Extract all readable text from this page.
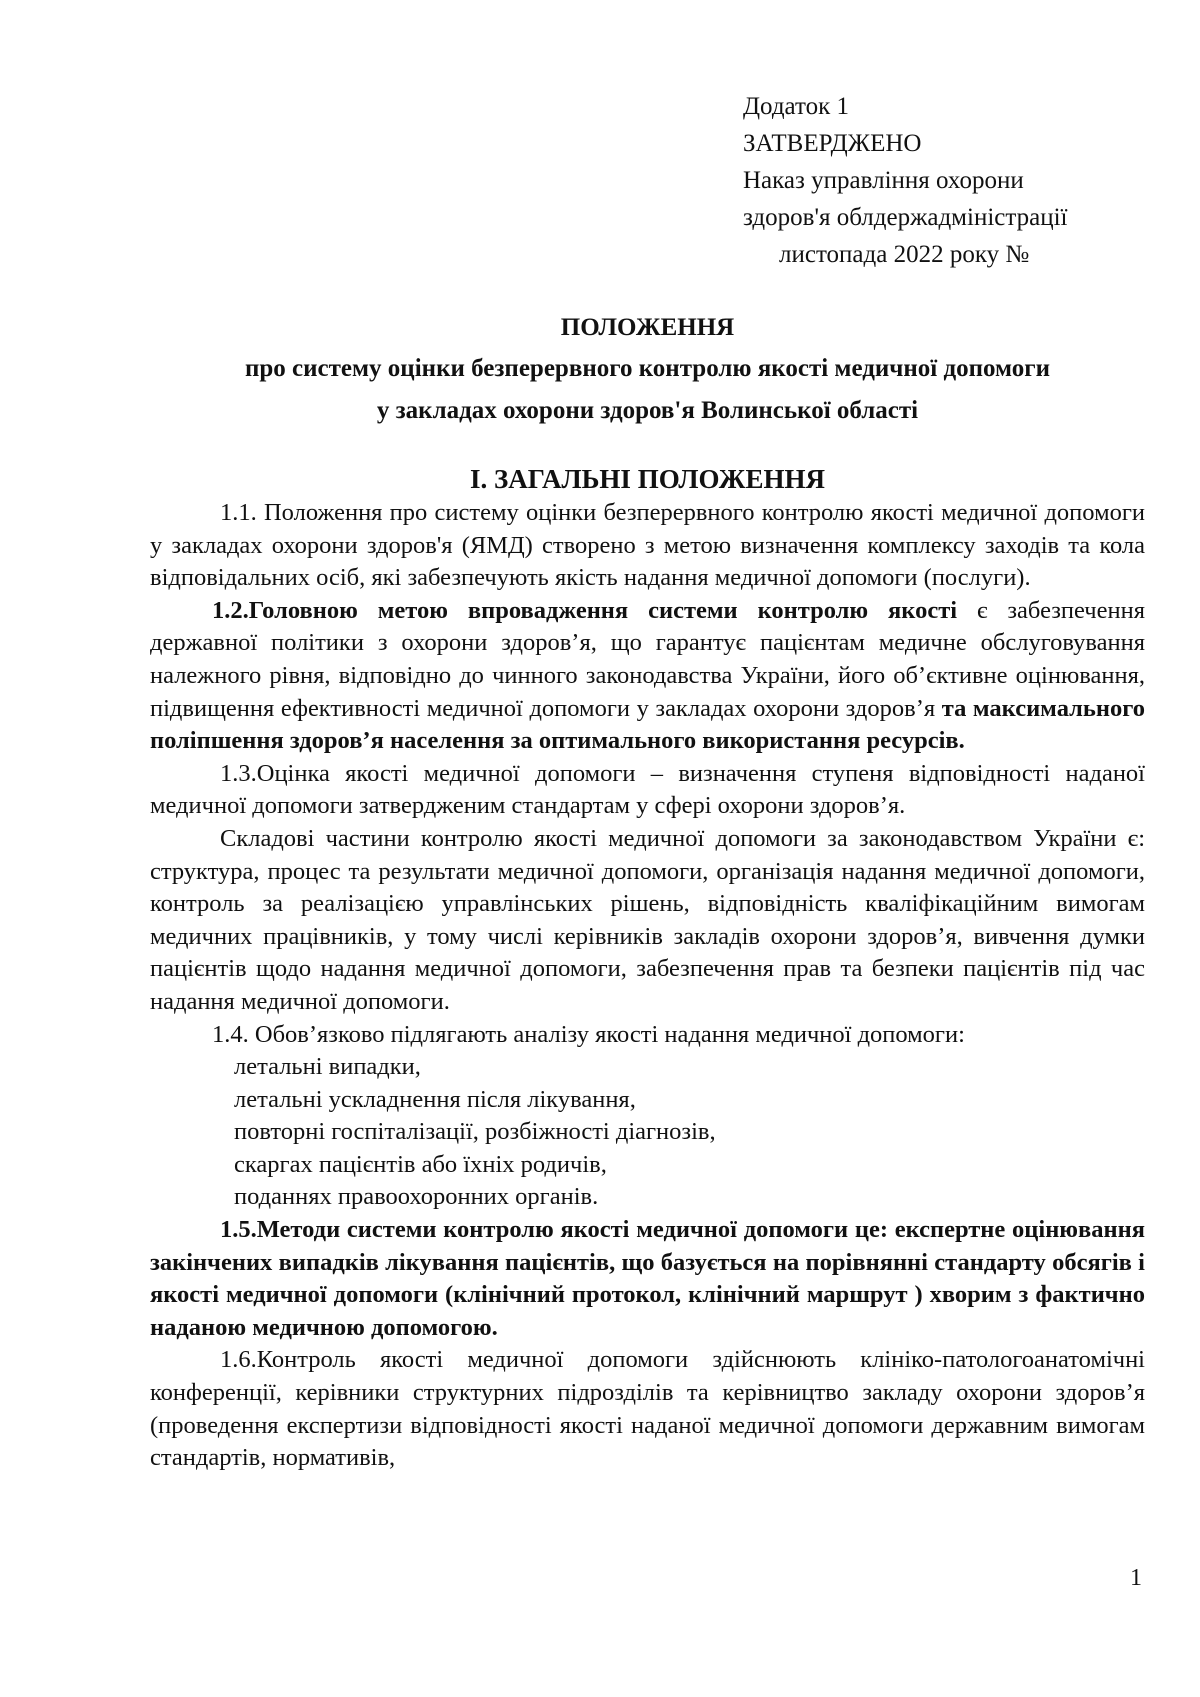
Додаток 1
ЗАТВЕРДЖЕНО
Наказ управління охорони
здоров'я облдержадміністрації
листопада 2022 року №
ПОЛОЖЕННЯ
про систему оцінки безперервного контролю якості медичної допомоги
у закладах охорони здоров'я Волинської області
І. ЗАГАЛЬНІ ПОЛОЖЕННЯ

1.1. Положення про систему оцінки безперервного контролю якості медичної допомоги у закладах охорони здоров'я (ЯМД) створено з метою визначення комплексу заходів та кола відповідальних осіб, які забезпечують якість надання медичної допомоги (послуги).

1.2.Головною метою впровадження системи контролю якості є забезпечення державної політики з охорони здоров’я, що гарантує пацієнтам медичне обслуговування належного рівня, відповідно до чинного законодавства України, його об’єктивне оцінювання, підвищення ефективності медичної допомоги у закладах охорони здоров’я та максимального поліпшення здоров’я населення за оптимального використання ресурсів.

1.3.Оцінка якості медичної допомоги – визначення ступеня відповідності наданої медичної допомоги затвердженим стандартам у сфері охорони здоров’я.

Складові частини контролю якості медичної допомоги за законодавством України є: структура, процес та результати медичної допомоги, організація надання медичної допомоги, контроль за реалізацією управлінських рішень, відповідність кваліфікаційним вимогам медичних працівників, у тому числі керівників закладів охорони здоров’я, вивчення думки пацієнтів щодо надання медичної допомоги, забезпечення прав та безпеки пацієнтів під час надання медичної допомоги.

1.4. Обов’язково підлягають аналізу якості надання медичної допомоги:

летальні випадки,
летальні ускладнення після лікування,
повторні госпіталізації, розбіжності діагнозів,
скаргах пацієнтів або їхніх родичів,
поданнях правоохоронних органів.

1.5.Методи системи контролю якості медичної допомоги це: експертне оцінювання закінчених випадків лікування пацієнтів, що базується на порівнянні стандарту обсягів і якості медичної допомоги (клінічний протокол, клінічний маршрут ) хворим з фактично наданою медичною допомогою.

1.6.Контроль якості медичної допомоги здійснюють клініко-патологоанатомічні конференції, керівники структурних підрозділів та керівництво закладу охорони здоров’я (проведення експертизи відповідності якості наданої медичної допомоги державним вимогам стандартів, нормативів,

1
